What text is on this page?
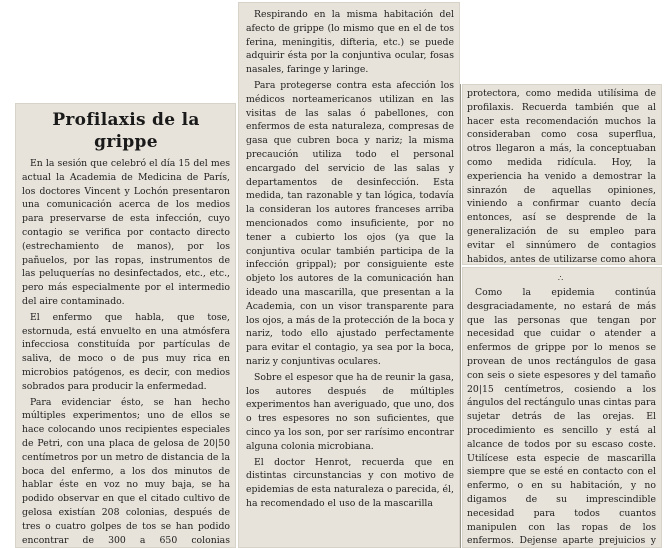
Profilaxis de la grippe

En la sesión que celebró el día 15 del mes actual la Academia de Medicina de París, los doctores Vincent y Lochón presentaron una comunicación acerca de los medios para preservarse de esta infección, cuyo contagio se verifica por contacto directo (estrechamiento de manos), por los pañuelos, por las ropas, instrumentos de las peluquerías no desinfectados, etc., etc., pero más especialmente por el intermedio del aire contaminado.

El enfermo que habla, que tose, estornuda, está envuelto en una atmósfera infecciosa constituída por partículas de saliva, de moco o de pus muy rica en microbios patógenos, es decir, con medios sobrados para producir la enfermedad.

Para evidenciar ésto, se han hecho múltiples experimentos; uno de ellos se hace colocando unos recipientes especiales de Petri, con una placa de gelosa de 20|50 centímetros por un metro de distancia de la boca del enfermo, a los dos minutos de hablar éste en voz no muy baja, se ha podido observar en que el citado cultivo de gelosa existían 208 colonias, después de tres o cuatro golpes de tos se han podido encontrar de 300 a 650 colonias

Respirando en la misma habitación del afecto de grippe (lo mismo que en el de tos ferina, meningitis, difteria, etc.) se puede adquirir ésta por la conjuntiva ocular, fosas nasales, faringe y laringe.

Para protegerse contra esta afección los médicos norteamericanos utilizan en las visitas de las salas ó pabellones, con enfermos de esta naturaleza, compresas de gasa que cubren boca y nariz; la misma precaución utiliza todo el personal encargado del servicio de las salas y departamentos de desinfección. Esta medida, tan razonable y tan lógica, todavía la consideran los autores franceses arriba mencionados como insuficiente, por no tener a cubierto los ojos (ya que la conjuntiva ocular también participa de la infección grippal); por consiguiente este objeto los autores de la comunicación han ideado una mascarilla, que presentan a la Academia, con un visor transparente para los ojos, a más de la protección de la boca y nariz, todo ello ajustado perfectamente para evitar el contagio, ya sea por la boca, nariz y conjuntivas oculares.

Sobre el espesor que ha de reunir la gasa, los autores después de múltiples experimentos han averiguado, que uno, dos o tres espesores no son suficientes, que cinco ya los son, por ser rarísimo encontrar alguna colonia microbiana.

El doctor Henrot, recuerda que en distintas circunstancias y con motivo de epidemias de esta naturaleza o parecida, él, ha recomendado el uso de la mascarilla

protectora, como medida utilísima de profilaxis. Recuerda también que al hacer esta recomendación muchos la consideraban como cosa superflua, otros llegaron a más, la conceptuaban como medida ridícula. Hoy, la experiencia ha venido a demostrar la sinrazón de aquellas opiniones, viniendo a confirmar cuanto decía entonces, así se desprende de la generalización de su empleo para evitar el sinnúmero de contagios habidos, antes de utilizarse como ahora

∴

Como la epidemia continúa desgraciadamente, no estará de más que las personas que tengan por necesidad que cuidar o atender a enfermos de grippe por lo menos se provean de unos rectángulos de gasa con seis o siete espesores y del tamaño 20|15 centímetros, cosiendo a los ángulos del rectángulo unas cintas para sujetar detrás de las orejas. El procedimiento es sencillo y está al alcance de todos por su escaso coste. Utilícese esta especie de mascarilla siempre que se esté en contacto con el enfermo, o en su habitación, y no digamos de su imprescindible necesidad para todos cuantos manipulen con las ropas de los enfermos. Dejense aparte prejuicios y
